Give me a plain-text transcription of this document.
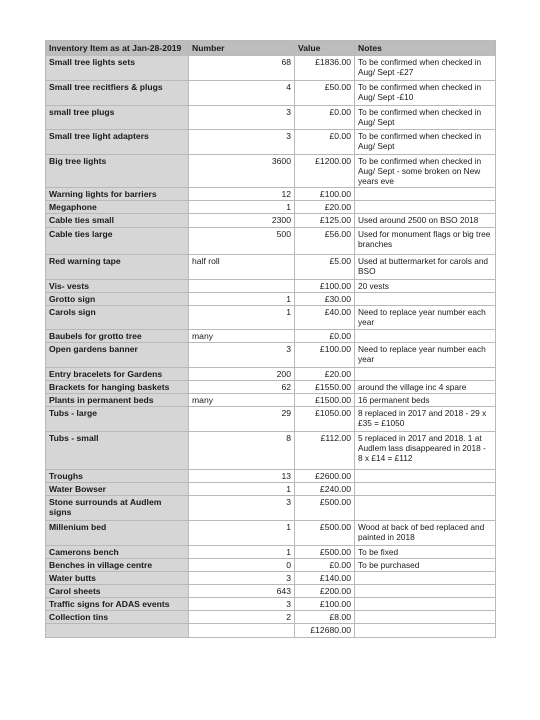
Inventory Item as at Jan-28-2019	Number	Value	Notes
Small tree lights sets	68	£1836.00	To be confirmed when checked in Aug/ Sept -£27
Small tree recitfiers & plugs	4	£50.00	To be confirmed when checked in Aug/ Sept -£10
small tree plugs	3	£0.00	To be confirmed when checked in Aug/ Sept
Small tree light adapters	3	£0.00	To be confirmed when checked in Aug/ Sept
Big tree lights	3600	£1200.00	To be confirmed when checked in Aug/ Sept - some broken on New years eve
Warning lights for barriers	12	£100.00	
Megaphone	1	£20.00	
Cable ties small	2300	£125.00	Used around 2500 on BSO 2018
Cable ties large	500	£56.00	Used for monument flags or big tree branches
Red warning tape	half roll	£5.00	Used at buttermarket for carols and BSO
Vis- vests		£100.00	20 vests
Grotto sign	1	£30.00	
Carols sign	1	£40.00	Need to replace year number each year
Baubels for grotto tree	many	£0.00	
Open gardens banner	3	£100.00	Need to replace year number each year
Entry bracelets for Gardens	200	£20.00	
Brackets for hanging baskets	62	£1550.00	around the village inc 4 spare
Plants in permanent beds	many	£1500.00	16 permanent beds
Tubs - large	29	£1050.00	8 replaced in 2017 and 2018 - 29 x £35 = £1050
Tubs - small	8	£112.00	5 replaced in 2017 and 2018. 1 at Audlem lass disappeared in 2018 - 8 x £14 = £112
Troughs	13	£2600.00	
Water Bowser	1	£240.00	
Stone surrounds at Audlem signs	3	£500.00	
Millenium bed	1	£500.00	Wood at back of bed replaced and painted in 2018
Camerons bench	1	£500.00	To be fixed
Benches in village centre	0	£0.00	To be purchased
Water butts	3	£140.00	
Carol sheets	643	£200.00	
Traffic signs for ADAS events	3	£100.00	
Collection tins	2	£8.00	
		£12680.00	
